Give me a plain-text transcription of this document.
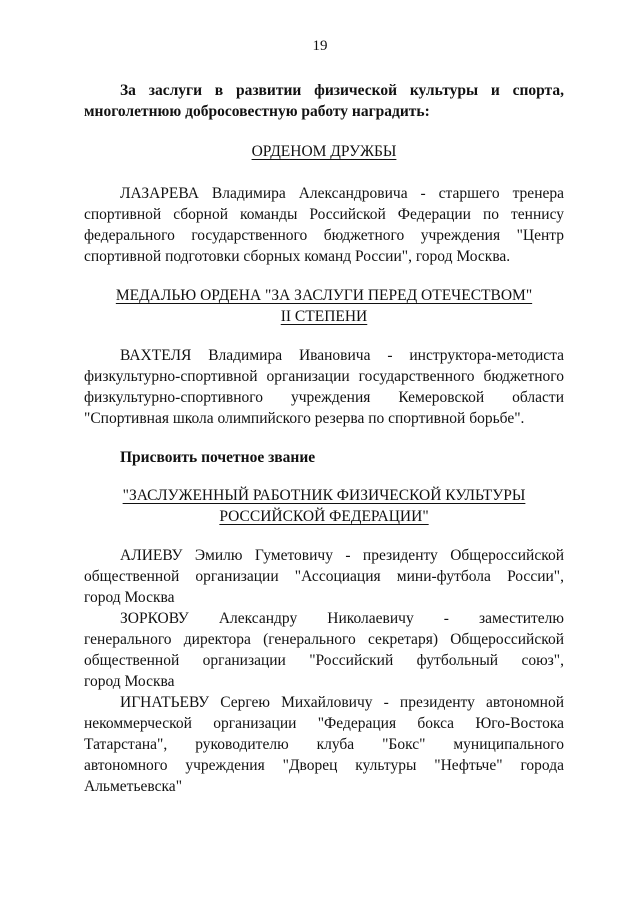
19
За заслуги в развитии физической культуры и спорта,
многолетнюю добросовестную работу наградить:
ОРДЕНОМ ДРУЖБЫ
ЛАЗАРЕВА Владимира Александровича - старшего тренера
спортивной сборной команды Российской Федерации по теннису
федерального государственного бюджетного учреждения "Центр
спортивной подготовки сборных команд России", город Москва.
МЕДАЛЬЮ ОРДЕНА "ЗА ЗАСЛУГИ ПЕРЕД ОТЕЧЕСТВОМ"
II СТЕПЕНИ
ВАХТЕЛЯ Владимира Ивановича - инструктора-методиста
физкультурно-спортивной организации государственного бюджетного
физкультурно-спортивного учреждения Кемеровской области
"Спортивная школа олимпийского резерва по спортивной борьбе".
Присвоить почетное звание
"ЗАСЛУЖЕННЫЙ РАБОТНИК ФИЗИЧЕСКОЙ КУЛЬТУРЫ
РОССИЙСКОЙ ФЕДЕРАЦИИ"
АЛИЕВУ Эмилю Гуметовичу - президенту Общероссийской
общественной организации "Ассоциация мини-футбола России",
город Москва
ЗОРКОВУ Александру Николаевичу - заместителю
генерального директора (генерального секретаря) Общероссийской
общественной организации "Российский футбольный союз",
город Москва
ИГНАТЬЕВУ Сергею Михайловичу - президенту автономной
некоммерческой организации "Федерация бокса Юго-Востока
Татарстана", руководителю клуба "Бокс" муниципального
автономного учреждения "Дворец культуры "Нефтьче" города
Альметьевска"
